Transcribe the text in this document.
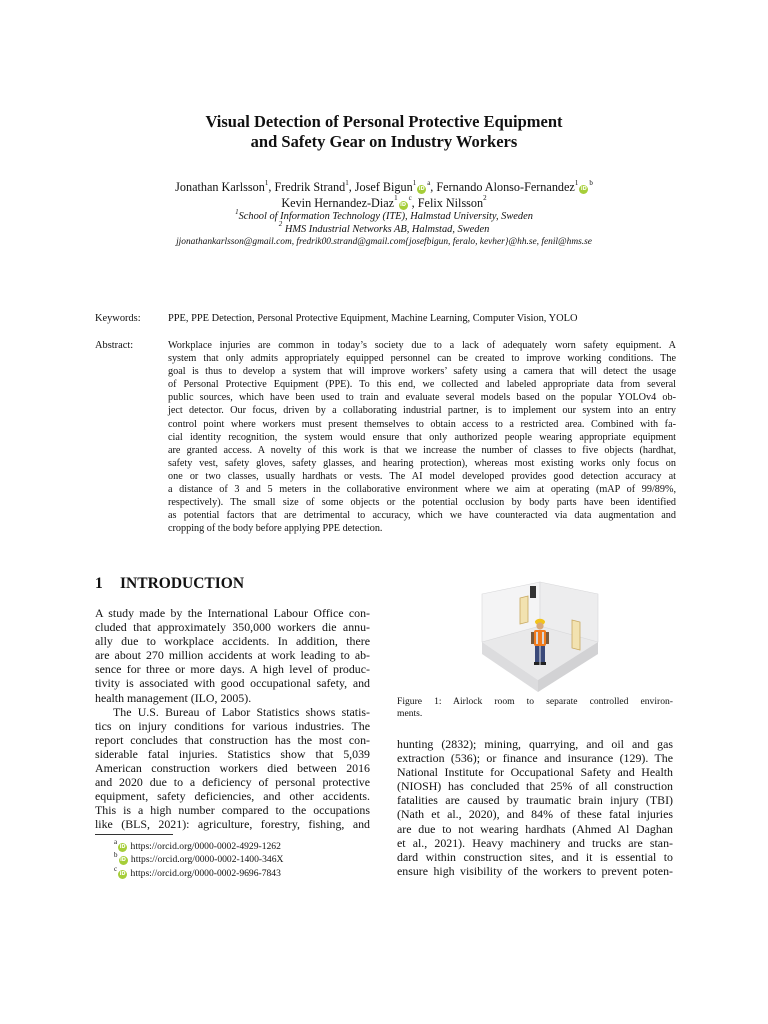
Visual Detection of Personal Protective Equipment
and Safety Gear on Industry Workers
Jonathan Karlsson$^1$, Fredrik Strand$^1$, Josef $Bigun^1iD^a$, Fernando Alonso-$Fernandez^1iD^b$
Kevin Hernandez-$Diaz^1iD^c$, Felix Nilsson$^2$
$^1$School of Information Technology (ITE), Halmstad University, Sweden
$^2$ HMS Industrial Networks AB, Halmstad, Sweden
jjonathankarlsson@gmail.com, fredrik00.strand@gmail.com{josefbigun, feralo, kevher}@hh.se, fenil@hms.se
Keywords:	PPE, PPE Detection, Personal Protective Equipment, Machine Learning, Computer Vision, YOLO
Abstract:	Workplace injuries are common in today’s society due to a lack of adequately worn safety equipment. A
system that only admits appropriately equipped personnel can be created to improve working conditions. The
goal is thus to develop a system that will improve workers’ safety using a camera that will detect the usage
of Personal Protective Equipment (PPE). To this end, we collected and labeled appropriate data from several
public sources, which have been used to train and evaluate several models based on the popular YOLOv4 ob-
ject detector. Our focus, driven by a collaborating industrial partner, is to implement our system into an entry
control point where workers must present themselves to obtain access to a restricted area. Combined with fa-
cial identity recognition, the system would ensure that only authorized people wearing appropriate equipment
are granted access. A novelty of this work is that we increase the number of classes to five objects (hardhat,
safety vest, safety gloves, safety glasses, and hearing protection), whereas most existing works only focus on
one or two classes, usually hardhats or vests. The AI model developed provides good detection accuracy at
a distance of 3 and 5 meters in the collaborative environment where we aim at operating (mAP of 99/89%,
respectively). The small size of some objects or the potential occlusion by body parts have been identified
as potential factors that are detrimental to accuracy, which we have counteracted via data augmentation and
cropping of the body before applying PPE detection.
1 INTRODUCTION

A study made by the International Labour Office con-
cluded that approximately 350,000 workers die annu-
ally due to workplace accidents. In addition, there
are about 270 million accidents at work leading to ab-
sence for three or more days. A high level of produc-
tivity is associated with good occupational safety, and
health management (ILO, 2005).

The U.S. Bureau of Labor Statistics shows statis-
tics on injury conditions for various industries. The
report concludes that construction has the most con-
siderable fatal injuries. Statistics show that 5,039
American construction workers died between 2016
and 2020 due to a deficiency of personal protective
equipment, safety deficiencies, and other accidents.
This is a high number compared to the occupations
like (BLS, 2021): agriculture, forestry, fishing, and

$^a$iD https://orcid.org/0000-0002-4929-1262
$^b$iD https://orcid.org/0000-0002-1400-346X
$^c$iD https://orcid.org/0000-0002-9696-7843
Figure 1: Airlock room to separate controlled environ-
ments.
hunting (2832); mining, quarrying, and oil and gas
extraction (536); or finance and insurance (129). The
National Institute for Occupational Safety and Health
(NIOSH) has concluded that 25% of all construction
fatalities are caused by traumatic brain injury (TBI)
(Nath et al., 2020), and 84% of these fatal injuries
are due to not wearing hardhats (Ahmed Al Daghan
et al., 2021). Heavy machinery and trucks are stan-
dard within construction sites, and it is essential to
ensure high visibility of the workers to prevent poten-
